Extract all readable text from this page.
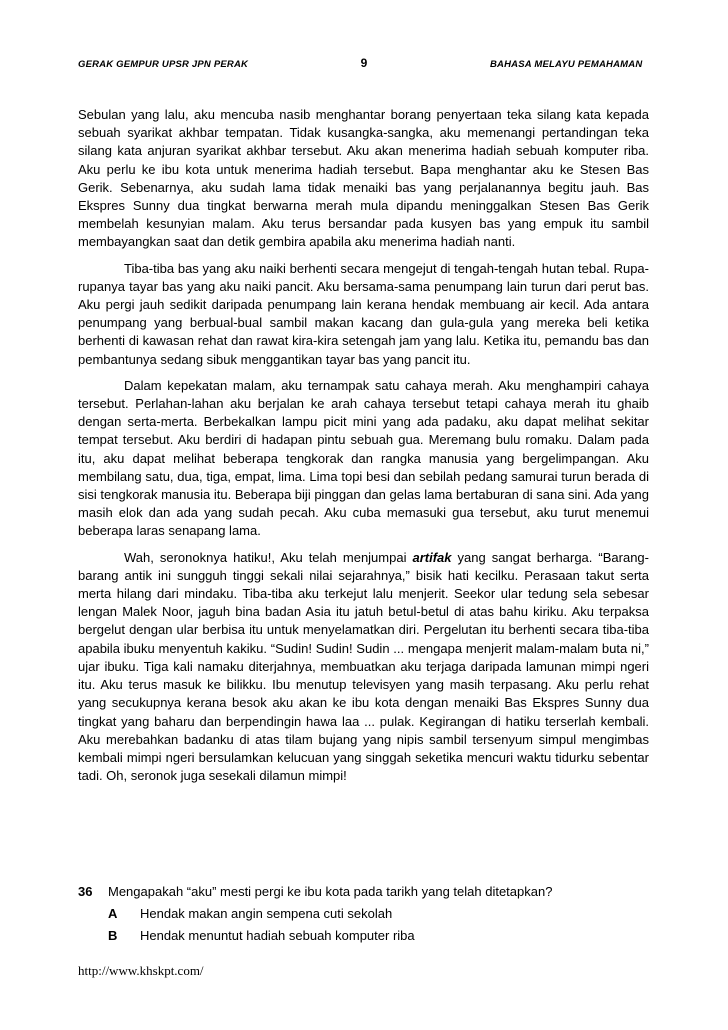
GERAK GEMPUR UPSR JPN PERAK	9	BAHASA MELAYU PEMAHAMAN

Sebulan yang lalu, aku mencuba nasib menghantar borang penyertaan teka silang kata kepada sebuah syarikat akhbar tempatan. Tidak kusangka-sangka, aku memenangi pertandingan teka silang kata anjuran syarikat akhbar tersebut. Aku akan menerima hadiah sebuah komputer riba. Aku perlu ke ibu kota untuk menerima hadiah tersebut. Bapa menghantar aku ke Stesen Bas Gerik. Sebenarnya, aku sudah lama tidak menaiki bas yang perjalanannya begitu jauh. Bas Ekspres Sunny dua tingkat berwarna merah mula dipandu meninggalkan Stesen Bas Gerik membelah kesunyian malam. Aku terus bersandar pada kusyen bas yang empuk itu sambil membayangkan saat dan detik gembira apabila aku menerima hadiah nanti.

Tiba-tiba bas yang aku naiki berhenti secara mengejut di tengah-tengah hutan tebal. Rupa-rupanya tayar bas yang aku naiki pancit. Aku bersama-sama penumpang lain turun dari perut bas. Aku pergi jauh sedikit daripada penumpang lain kerana hendak membuang air kecil. Ada antara penumpang yang berbual-bual sambil makan kacang dan gula-gula yang mereka beli ketika berhenti di kawasan rehat dan rawat kira-kira setengah jam yang lalu. Ketika itu, pemandu bas dan pembantunya sedang sibuk menggantikan tayar bas yang pancit itu.

Dalam kepekatan malam, aku ternampak satu cahaya merah. Aku menghampiri cahaya tersebut. Perlahan-lahan aku berjalan ke arah cahaya tersebut tetapi cahaya merah itu ghaib dengan serta-merta. Berbekalkan lampu picit mini yang ada padaku, aku dapat melihat sekitar tempat tersebut. Aku berdiri di hadapan pintu sebuah gua. Meremang bulu romaku. Dalam pada itu, aku dapat melihat beberapa tengkorak dan rangka manusia yang bergelimpangan. Aku membilang satu, dua, tiga, empat, lima. Lima topi besi dan sebilah pedang samurai turun berada di sisi tengkorak manusia itu. Beberapa biji pinggan dan gelas lama bertaburan di sana sini. Ada yang masih elok dan ada yang sudah pecah. Aku cuba memasuki gua tersebut, aku turut menemui beberapa laras senapang lama.

Wah, seronoknya hatiku!, Aku telah menjumpai artifak yang sangat berharga. “Barang-barang antik ini sungguh tinggi sekali nilai sejarahnya,” bisik hati kecilku. Perasaan takut serta merta hilang dari mindaku. Tiba-tiba aku terkejut lalu menjerit. Seekor ular tedung sela sebesar lengan Malek Noor, jaguh bina badan Asia itu jatuh betul-betul di atas bahu kiriku. Aku terpaksa bergelut dengan ular berbisa itu untuk menyelamatkan diri. Pergelutan itu berhenti secara tiba-tiba apabila ibuku menyentuh kakiku. “Sudin! Sudin! Sudin ... mengapa menjerit malam-malam buta ni,” ujar ibuku. Tiga kali namaku diterjahnya, membuatkan aku terjaga daripada lamunan mimpi ngeri itu. Aku terus masuk ke bilikku. Ibu menutup televisyen yang masih terpasang. Aku perlu rehat yang secukupnya kerana besok aku akan ke ibu kota dengan menaiki Bas Ekspres Sunny dua tingkat yang baharu dan berpendingin hawa laa ... pulak. Kegirangan di hatiku terserlah kembali. Aku merebahkan badanku di atas tilam bujang yang nipis sambil tersenyum simpul mengimbas kembali mimpi ngeri bersulamkan kelucuan yang singgah seketika mencuri waktu tidurku sebentar tadi. Oh, seronok juga sesekali dilamun mimpi!

36 Mengapakah “aku” mesti pergi ke ibu kota pada tarikh yang telah ditetapkan?
A Hendak makan angin sempena cuti sekolah
B Hendak menuntut hadiah sebuah komputer riba
http://www.khskpt.com/
